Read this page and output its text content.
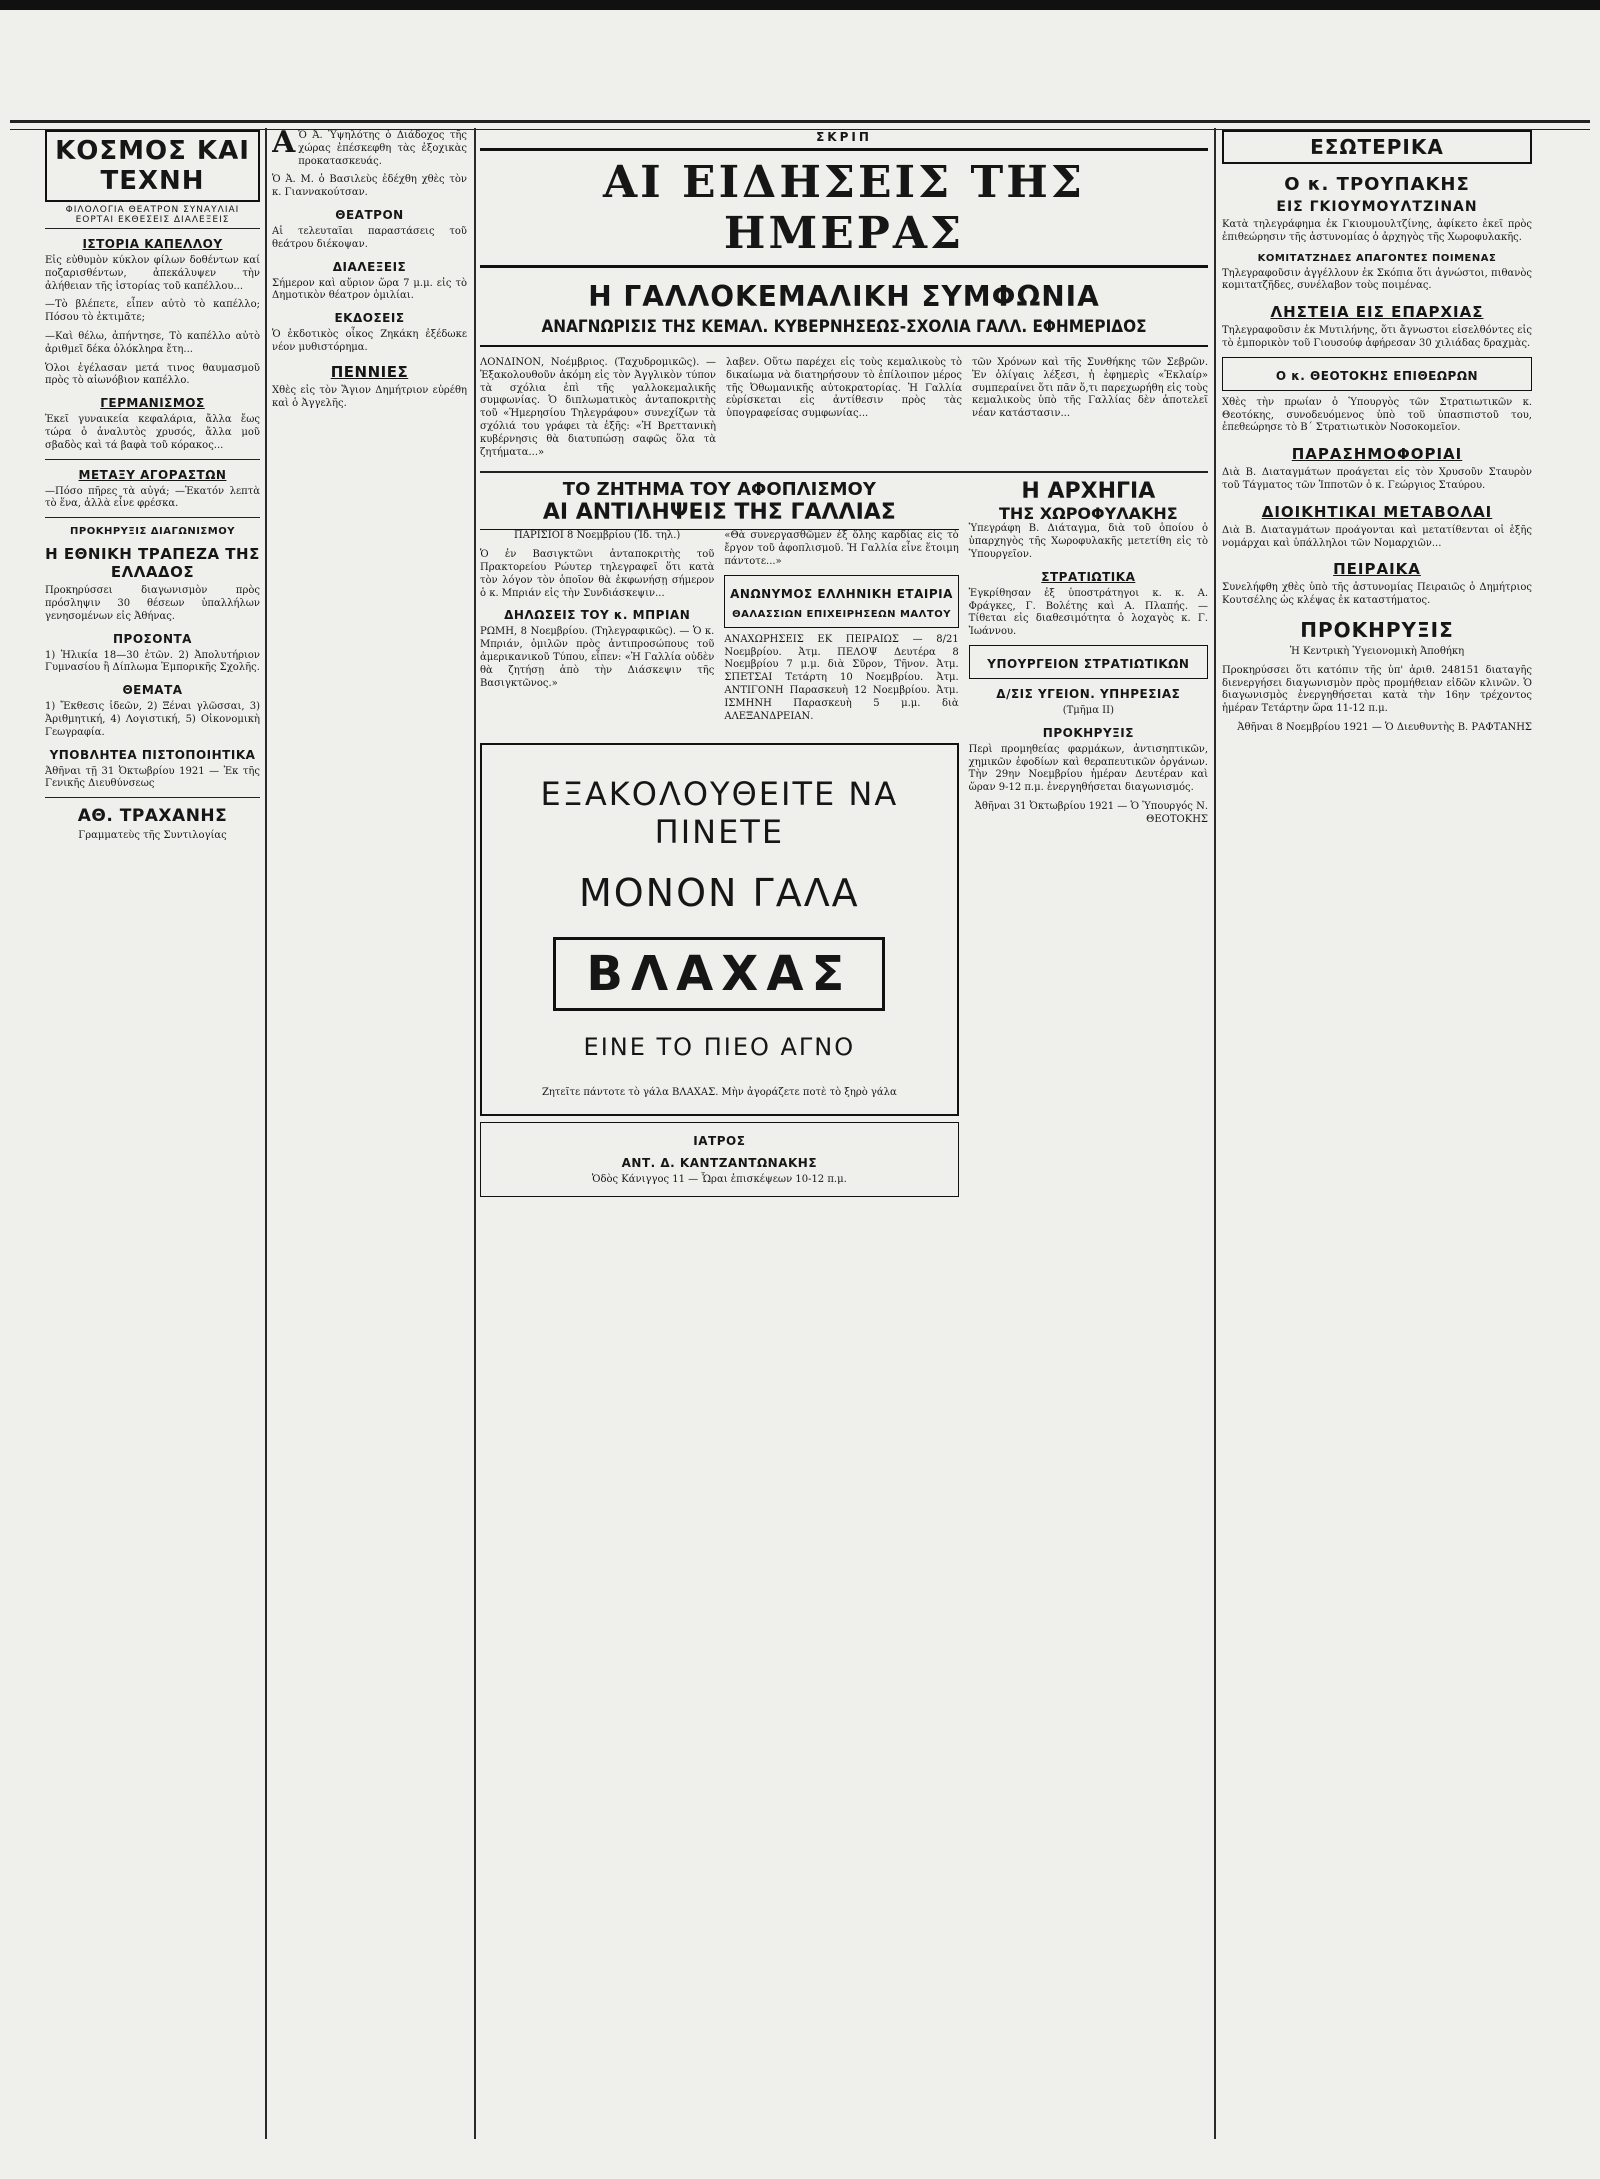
ΚΟΣΜΟΣ ΚΑΙ ΤΕΧΝΗ
ΦΙΛΟΛΟΓΙΑ ΘΕΑΤΡΟΝ ΣΥΝΑΥΛΙΑΙ ΕΟΡΤΑΙ ΕΚΘΕΣΕΙΣ ΔΙΑΛΕΞΕΙΣ
ΙΣΤΟΡΙΑ ΚΑΠΕΛΛΟΥ

Εἰς εὐθυμὸν κύκλον φίλων δοθέντων καί ποζαρισθέντων, ἀπεκάλυψεν τὴν ἀλήθειαν τῆς ἱστορίας τοῦ καπέλλου...

—Τὸ βλέπετε, εἶπεν αὐτὸ τὸ καπέλλο; Πόσου τὸ ἐκτιμᾶτε;

—Καὶ θέλω, ἀπήντησε, Τὸ καπέλλο αὐτὸ ἀριθμεῖ δέκα ὁλόκληρα ἔτη...

Ὁλοι ἐγέλασαν μετά τινος θαυμασμοῦ πρὸς τὸ αἰωνόβιον καπέλλο.

ΓΕΡΜΑΝΙΣΜΟΣ

Ἐκεῖ γυναικεία κεφαλάρια, ἄλλα ἔως τώρα ὁ ἀναλυτὸς χρυσός, ἄλλα μοῦ σβαδὸς καὶ τά βαφὰ τοῦ κόρακος...

ΜΕΤΑΞΥ ΑΓΟΡΑΣΤΩΝ

—Πόσο πῆρες τὰ αὐγά; —Ἐκατόν λεπτὰ τὸ ἕνα, ἀλλὰ εἶνε φρέσκα.

ΠΡΟΚΗΡΥΞΙΣ ΔΙΑΓΩΝΙΣΜΟΥ
Η ΕΘΝΙΚΗ ΤΡΑΠΕΖΑ ΤΗΣ ΕΛΛΑΔΟΣ

Προκηρύσσει διαγωνισμὸν πρὸς πρόσληψιν 30 θέσεων ὑπαλλήλων γενησομένων εἰς Ἀθήνας.

ΠΡΟΣΟΝΤΑ

1) Ἡλικία 18—30 ἐτῶν. 2) Ἀπολυτήριον Γυμνασίου ἢ Δίπλωμα Ἐμπορικῆς Σχολῆς.

ΘΕΜΑΤΑ

1) Ἔκθεσις ἰδεῶν, 2) Ξέναι γλῶσσαι, 3) Ἀριθμητική, 4) Λογιστική, 5) Οἰκονομικὴ Γεωγραφία.

ΥΠΟΒΛΗΤΕΑ ΠΙΣΤΟΠΟΙΗΤΙΚΑ

Ἀθῆναι τῇ 31 Ὀκτωβρίου 1921 — Ἐκ τῆς Γενικῆς Διευθύνσεως

ΑΘ. ΤΡΑΧΑΝΗΣ

Γραμματεὺς τῆς Συντιλογίας

Α Ὁ Ἀ. Ὑψηλότης ὁ Διάδοχος τῆς χώρας ἐπέσκεφθη τὰς ἐξοχικὰς προκατασκευάς.

Ὁ Ἀ. Μ. ὁ Βασιλεὺς ἐδέχθη χθὲς τὸν κ. Γιαννακούτσαν.

ΘΕΑΤΡΟΝ

Αἱ τελευταῖαι παραστάσεις τοῦ θεάτρου διέκοψαν.

ΔΙΑΛΕΞΕΙΣ

Σήμερον καὶ αὔριον ὥρα 7 μ.μ. εἰς τὸ Δημοτικὸν θέατρον ὁμιλίαι.

ΕΚΔΟΣΕΙΣ

Ὁ ἐκδοτικὸς οἶκος Ζηκάκη ἐξέδωκε νέον μυθιστόρημα.

ΠΕΝΝΙΕΣ

Χθὲς εἰς τὸν Ἅγιον Δημήτριον εὑρέθη καὶ ὁ Ἀγγελῆς.

ΣΚΡΙΠ
ΑΙ ΕΙΔΗΣΕΙΣ ΤΗΣ ΗΜΕΡΑΣ
Η ΓΑΛΛΟΚΕΜΑΛΙΚΗ ΣΥΜΦΩΝΙΑ
ΑΝΑΓΝΩΡΙΣΙΣ ΤΗΣ ΚΕΜΑΛ. ΚΥΒΕΡΝΗΣΕΩΣ-ΣΧΟΛΙΑ ΓΑΛΛ. ΕΦΗΜΕΡΙΔΟΣ

ΛΟΝΔΙΝΟΝ, Νοέμβριος. (Ταχυδρομικῶς). — Ἐξακολουθοῦν ἀκόμη εἰς τὸν Ἀγγλικὸν τύπον τὰ σχόλια ἐπὶ τῆς γαλλοκεμαλικῆς συμφωνίας. Ὁ διπλωματικὸς ἀνταποκριτὴς τοῦ «Ἡμερησίου Τηλεγράφου» συνεχίζων τὰ σχόλιά του γράφει τὰ ἑξῆς: «Ἡ Βρεττανικὴ κυβέρνησις θὰ διατυπώσῃ σαφῶς ὅλα τὰ ζητήματα...»

λαβεν. Οὕτω παρέχει εἰς τοὺς κεμαλικοὺς τὸ δικαίωμα νὰ διατηρήσουν τὸ ἐπίλοιπον μέρος τῆς Ὀθωμανικῆς αὐτοκρατορίας. Ἡ Γαλλία εὑρίσκεται εἰς ἀντίθεσιν πρὸς τὰς ὑπογραφείσας συμφωνίας...

τῶν Χρόνων καὶ τῆς Συνθήκης τῶν Σεβρῶν. Ἐν ὀλίγαις λέξεσι, ἡ ἐφημερὶς «Ἐκλαίρ» συμπεραίνει ὅτι πᾶν ὅ,τι παρεχωρήθη εἰς τοὺς κεμαλικοὺς ὑπὸ τῆς Γαλλίας δὲν ἀποτελεῖ νέαν κατάστασιν...

ΤΟ ΖΗΤΗΜΑ ΤΟΥ ΑΦΟΠΛΙΣΜΟΥ
ΑΙ ΑΝΤΙΛΗΨΕΙΣ ΤΗΣ ΓΑΛΛΙΑΣ

ΠΑΡΙΣΙΟΙ 8 Νοεμβρίου (Ἰδ. τηλ.)

Ὁ ἐν Βασιγκτῶνι ἀνταποκριτὴς τοῦ Πρακτορείου Ρώυτερ τηλεγραφεῖ ὅτι κατὰ τὸν λόγον τὸν ὁποῖον θὰ ἐκφωνήσῃ σήμερον ὁ κ. Μπριάν εἰς τὴν Συνδιάσκεψιν...

ΔΗΛΩΣΕΙΣ ΤΟΥ κ. ΜΠΡΙΑΝ

ΡΩΜΗ, 8 Νοεμβρίου. (Τηλεγραφικῶς). — Ὁ κ. Μπριάν, ὁμιλῶν πρὸς ἀντιπροσώπους τοῦ ἀμερικανικοῦ Τύπου, εἶπεν: «Ἡ Γαλλία οὐδὲν θὰ ζητήσῃ ἀπὸ τὴν Διάσκεψιν τῆς Βασιγκτῶνος.»

«Θὰ συνεργασθῶμεν ἐξ ὅλης καρδίας εἰς τὸ ἔργον τοῦ ἀφοπλισμοῦ. Ἡ Γαλλία εἶνε ἕτοιμη πάντοτε...»

ΑΝΩΝΥΜΟΣ ΕΛΛΗΝΙΚΗ ΕΤΑΙΡΙΑ
ΘΑΛΑΣΣΙΩΝ ΕΠΙΧΕΙΡΗΣΕΩΝ ΜΑΛΤΟΥ

ΑΝΑΧΩΡΗΣΕΙΣ ΕΚ ΠΕΙΡΑΙΩΣ — 8/21 Νοεμβρίου. Ἀτμ. ΠΕΛΟΨ Δευτέρα 8 Νοεμβρίου 7 μ.μ. διὰ Σῦρον, Τῆνον. Ἀτμ. ΣΠΕΤΣΑΙ Τετάρτη 10 Νοεμβρίου. Ἀτμ. ΑΝΤΙΓΟΝΗ Παρασκευὴ 12 Νοεμβρίου. Ἀτμ. ΙΣΜΗΝΗ Παρασκευὴ 5 μ.μ. διὰ ΑΛΕΞΑΝΔΡΕΙΑΝ.

ΕΞΑΚΟΛΟΥΘΕΙΤΕ ΝΑ ΠΙΝΕΤΕ
ΜΟΝΟΝ ΓΑΛΑ
ΒΛΑΧΑΣ
ΕΙΝΕ ΤΟ ΠΙΕΟ ΑΓΝΟ
Ζητεῖτε πάντοτε τὸ γάλα ΒΛΑΧΑΣ. Μὴν ἀγοράζετε ποτὲ τὸ ξηρὸ γάλα
ΙΑΤΡΟΣ
ΑΝΤ. Δ. ΚΑΝΤΖΑΝΤΩΝΑΚΗΣ

Ὁδὸς Κάνιγγος 11 — Ὧραι ἐπισκέψεων 10-12 π.μ.

Η ΑΡΧΗΓΙΑ
ΤΗΣ ΧΩΡΟΦΥΛΑΚΗΣ

Ὑπεγράφη Β. Διάταγμα, διὰ τοῦ ὁποίου ὁ ὑπαρχηγὸς τῆς Χωροφυλακῆς μετετίθη εἰς τὸ Ὑπουργεῖον.

ΣΤΡΑΤΙΩΤΙΚΑ

Ἐγκρίθησαν ἐξ ὑποστράτηγοι κ. κ. Α. Φράγκες, Γ. Βολέτης καὶ Α. Πλαπής. — Τίθεται εἰς διαθεσιμότητα ὁ λοχαγὸς κ. Γ. Ἰωάννου.

ΥΠΟΥΡΓΕΙΟΝ ΣΤΡΑΤΙΩΤΙΚΩΝ
Δ/ΣΙΣ ΥΓΕΙΟΝ. ΥΠΗΡΕΣΙΑΣ

(Τμῆμα ΙΙ)

ΠΡΟΚΗΡΥΞΙΣ

Περὶ προμηθείας φαρμάκων, ἀντισηπτικῶν, χημικῶν ἐφοδίων καὶ θεραπευτικῶν ὀργάνων. Τὴν 29ην Νοεμβρίου ἡμέραν Δευτέραν καὶ ὥραν 9-12 π.μ. ἐνεργηθήσεται διαγωνισμός.

Ἀθῆναι 31 Ὀκτωβρίου 1921 — Ὁ Ὑπουργός Ν. ΘΕΟΤΟΚΗΣ

ΕΣΩΤΕΡΙΚΑ
Ο κ. ΤΡΟΥΠΑΚΗΣ
ΕΙΣ ΓΚΙΟΥΜΟΥΛΤΖΙΝΑΝ

Κατὰ τηλεγράφημα ἐκ Γκιουμουλτζίνης, ἀφίκετο ἐκεῖ πρὸς ἐπιθεώρησιν τῆς ἀστυνομίας ὁ ἀρχηγὸς τῆς Χωροφυλακῆς.

ΚΟΜΙΤΑΤΖΗΔΕΣ ΑΠΑΓΟΝΤΕΣ ΠΟΙΜΕΝΑΣ

Τηλεγραφοῦσιν ἀγγέλλουν ἐκ Σκόπια ὅτι ἀγνώστοι, πιθανὸς κομιτατζῆδες, συνέλαβον τοὺς ποιμένας.

ΛΗΣΤΕΙΑ ΕΙΣ ΕΠΑΡΧΙΑΣ

Τηλεγραφοῦσιν ἐκ Μυτιλήνης, ὅτι ἄγνωστοι εἰσελθόντες εἰς τὸ ἐμπορικὸν τοῦ Γιουσούφ ἀφήρεσαν 30 χιλιάδας δραχμὰς.

Ο κ. ΘΕΟΤΟΚΗΣ ΕΠΙΘΕΩΡΩΝ

Χθὲς τὴν πρωίαν ὁ Ὑπουργὸς τῶν Στρατιωτικῶν κ. Θεοτόκης, συνοδευόμενος ὑπὸ τοῦ ὑπασπιστοῦ του, ἐπεθεώρησε τὸ Β΄ Στρατιωτικὸν Νοσοκομεῖον.

ΠΑΡΑΣΗΜΟΦΟΡΙΑΙ

Διὰ Β. Διαταγμάτων προάγεται εἰς τὸν Χρυσοῦν Σταυρὸν τοῦ Τάγματος τῶν Ἱπποτῶν ὁ κ. Γεώργιος Σταύρου.

ΔΙΟΙΚΗΤΙΚΑΙ ΜΕΤΑΒΟΛΑΙ

Διὰ Β. Διαταγμάτων προάγονται καὶ μετατίθενται οἱ ἑξῆς νομάρχαι καὶ ὑπάλληλοι τῶν Νομαρχιῶν...

ΠΕΙΡΑΙΚΑ

Συνελήφθη χθὲς ὑπὸ τῆς ἀστυνομίας Πειραιῶς ὁ Δημήτριος Κουτσέλης ὡς κλέψας ἐκ καταστήματος.

ΠΡΟΚΗΡΥΞΙΣ

Ἡ Κεντρικὴ Ὑγειονομικὴ Ἀποθήκη

Προκηρύσσει ὅτι κατόπιν τῆς ὑπ' ἀριθ. 248151 διαταγῆς διενεργήσει διαγωνισμὸν πρὸς προμήθειαν εἰδῶν κλινῶν. Ὁ διαγωνισμὸς ἐνεργηθήσεται κατὰ τὴν 16ην τρέχοντος ἡμέραν Τετάρτην ὥρα 11-12 π.μ.

Ἀθῆναι 8 Νοεμβρίου 1921 — Ὁ Διευθυντὴς Β. ΡΑΦΤΑΝΗΣ
